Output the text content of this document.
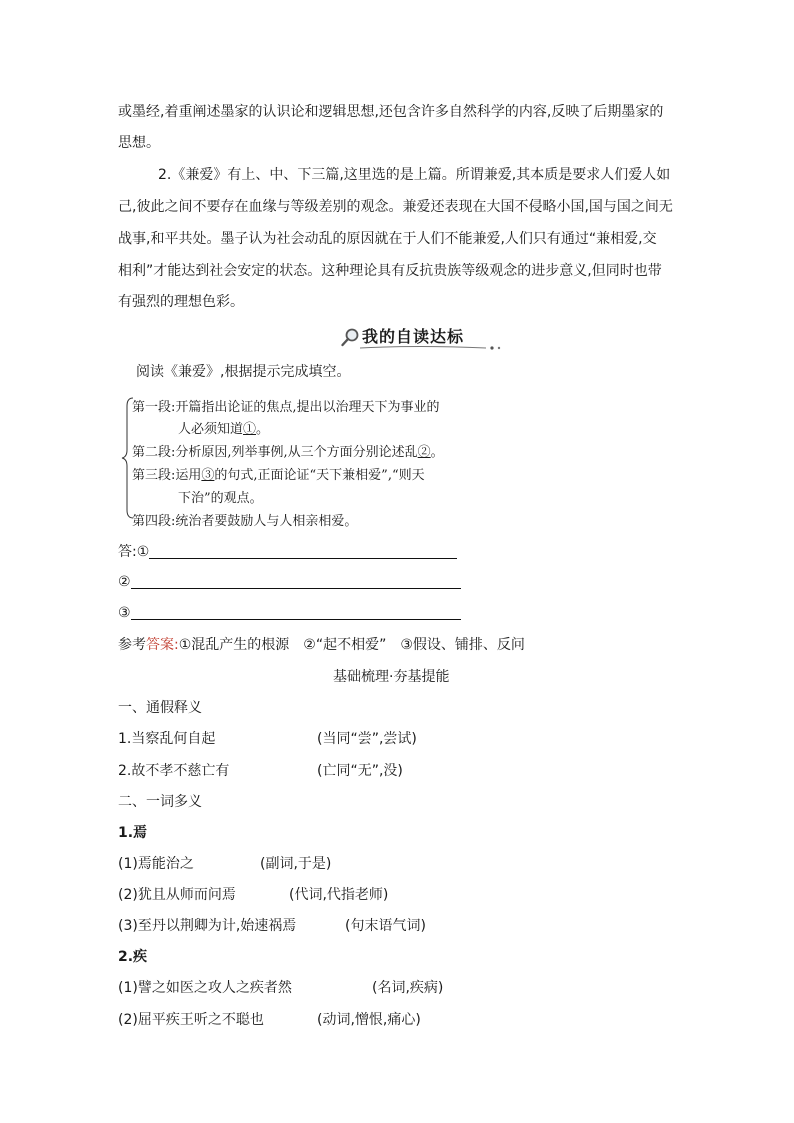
或墨经,着重阐述墨家的认识论和逻辑思想,还包含许多自然科学的内容,反映了后期墨家的
思想。
2.《兼爱》有上、中、下三篇,这里选的是上篇。所谓兼爱,其本质是要求人们爱人如
己,彼此之间不要存在血缘与等级差别的观念。兼爱还表现在大国不侵略小国,国与国之间无
战事,和平共处。墨子认为社会动乱的原因就在于人们不能兼爱,人们只有通过“兼相爱,交
相利”才能达到社会安定的状态。这种理论具有反抗贵族等级观念的进步意义,但同时也带
有强烈的理想色彩。
我的自读达标
阅读《兼爱》,根据提示完成填空。
第一段:开篇指出论证的焦点,提出以治理天下为事业的
人必须知道①。
第二段:分析原因,列举事例,从三个方面分别论述乱②。
第三段:运用③的句式,正面论证“天下兼相爱”,“则天
下治”的观点。
第四段:统治者要鼓励人与人相亲相爱。
答:①
②
③
参考答案:①混乱产生的根源　②“起不相爱”　③假设、铺排、反问
基础梳理·夯基提能
一、通假释义
1.当察乱何自起	(当同“尝”,尝试)
2.故不孝不慈亡有	(亡同“无”,没)
二、一词多义
1.焉
(1)焉能治之	(副词,于是)
(2)犹且从师而问焉	(代词,代指老师)
(3)至丹以荆卿为计,始速祸焉	(句末语气词)
2.疾
(1)譬之如医之攻人之疾者然	(名词,疾病)
(2)屈平疾王听之不聪也	(动词,憎恨,痛心)
